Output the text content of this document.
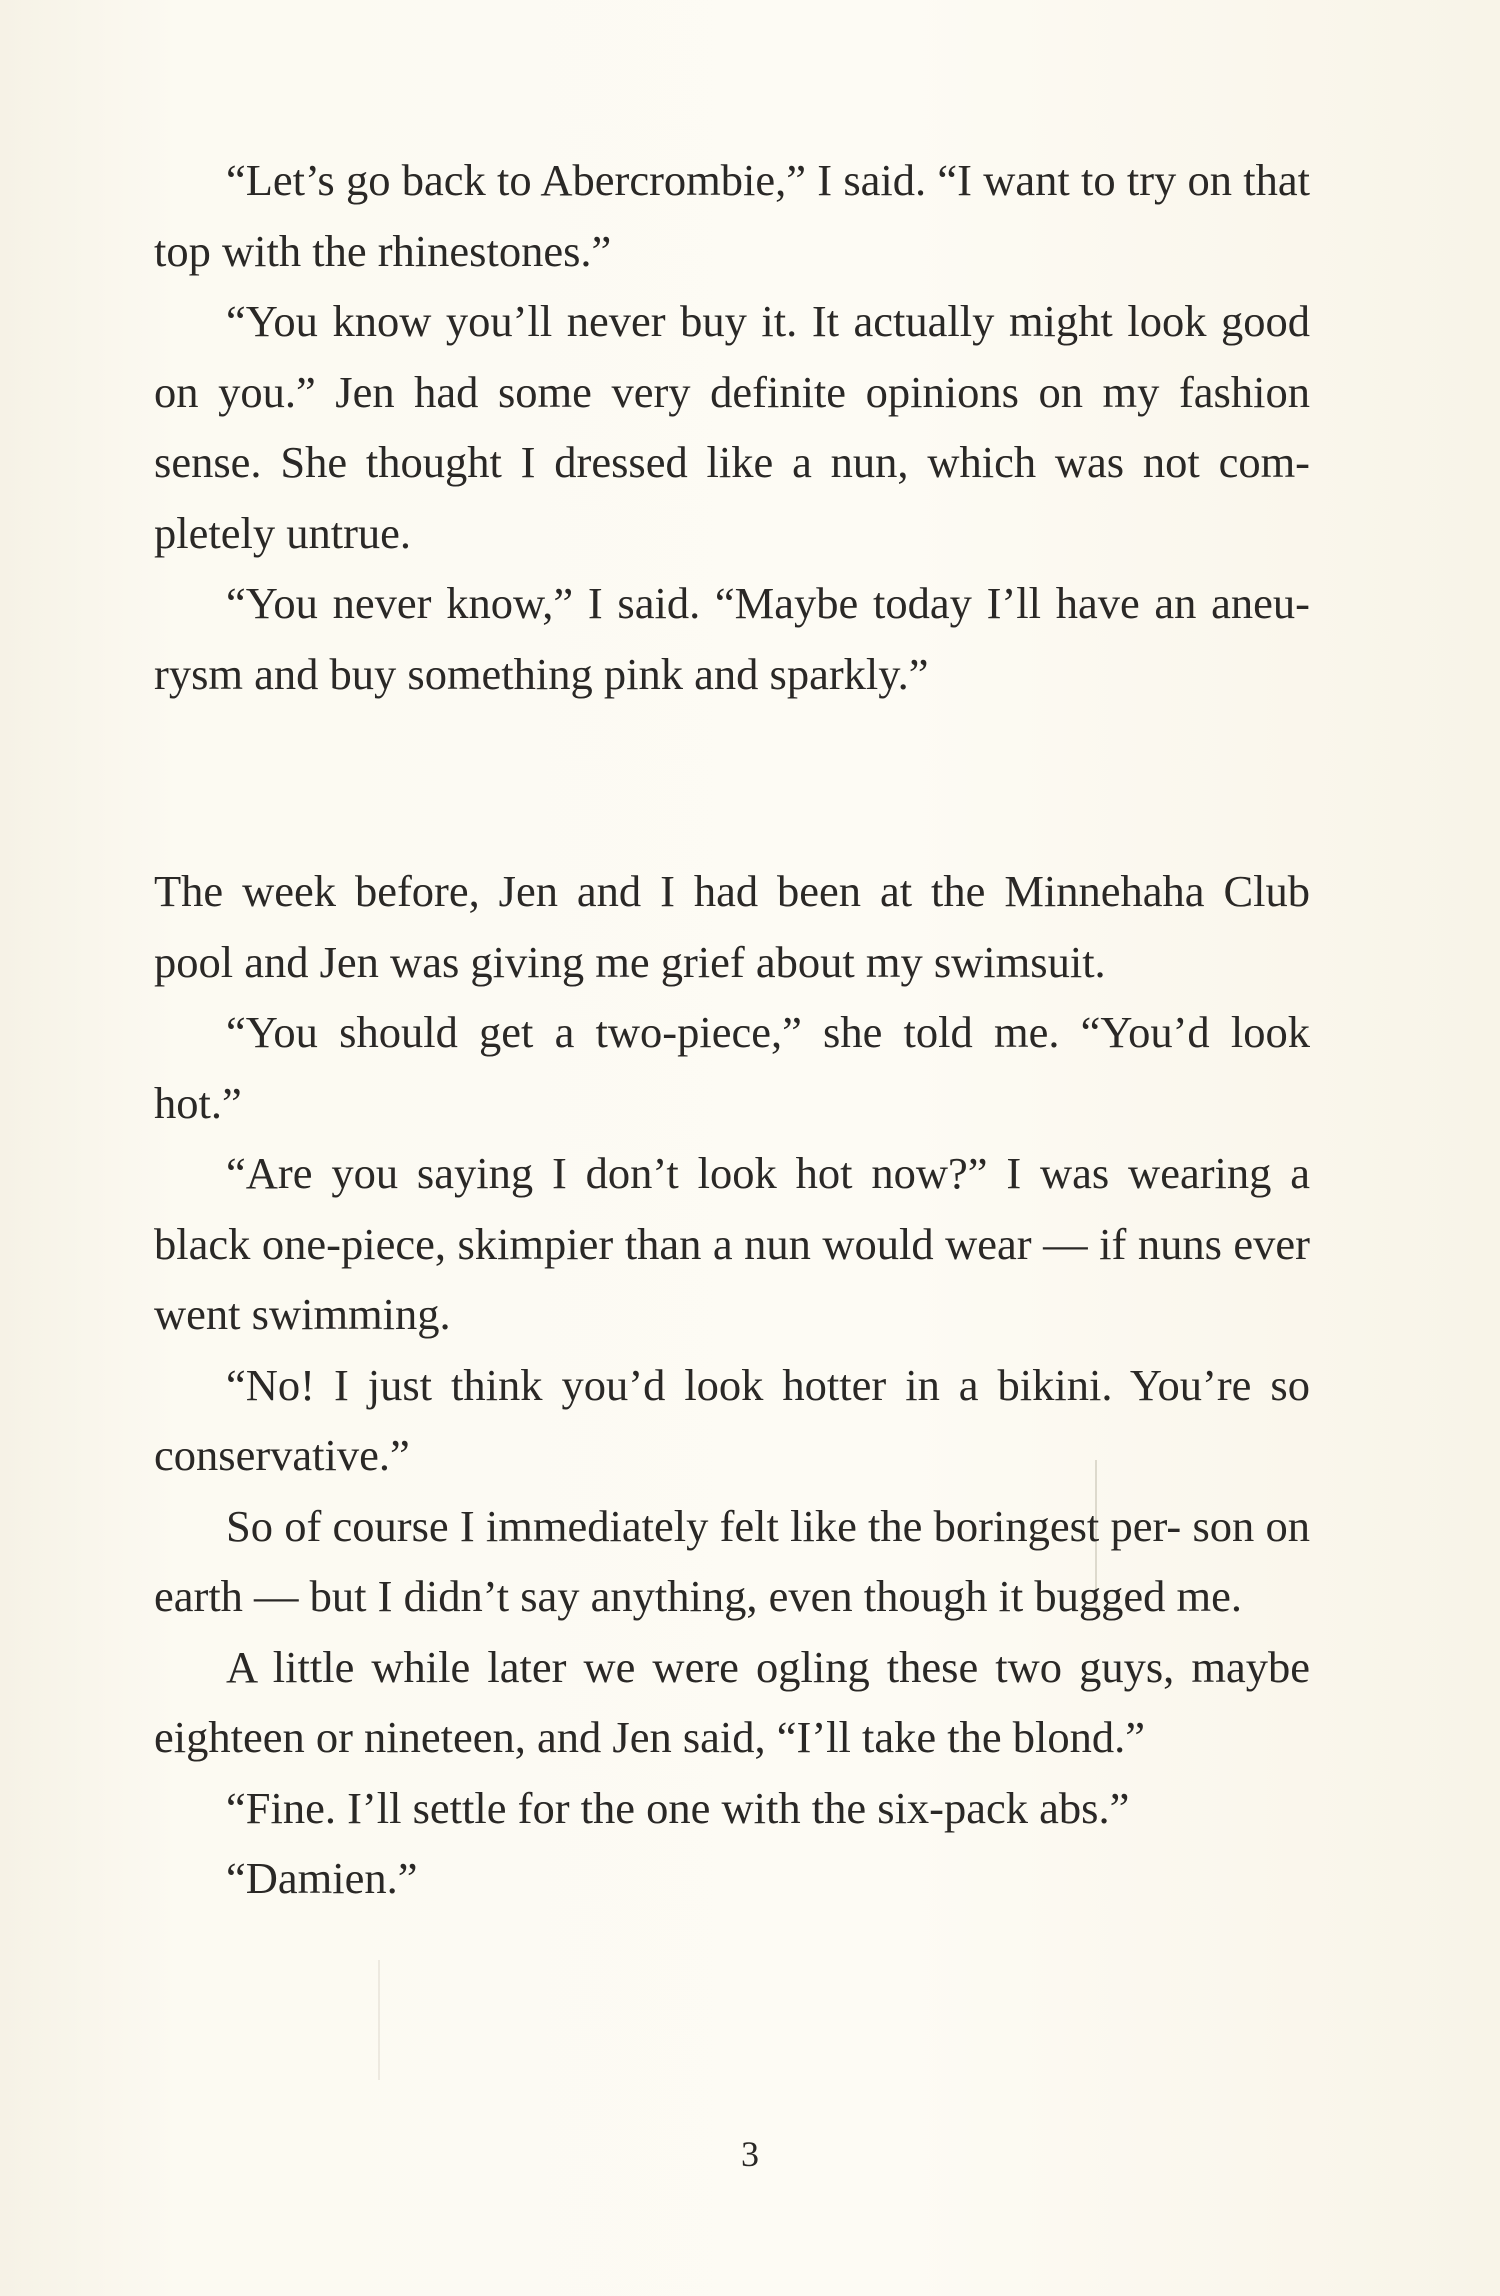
“Let’s go back to Abercrombie,” I said. “I want to try on that top with the rhinestones.”

“You know you’ll never buy it. It actually might look good on you.” Jen had some very definite opinions on my fashion sense. She thought I dressed like a nun, which was not com- pletely untrue.

“You never know,” I said. “Maybe today I’ll have an aneu- rysm and buy something pink and sparkly.”

The week before, Jen and I had been at the Minnehaha Club pool and Jen was giving me grief about my swimsuit.

“You should get a two-piece,” she told me. “You’d look hot.”

“Are you saying I don’t look hot now?” I was wearing a black one-piece, skimpier than a nun would wear — if nuns ever went swimming.

“No! I just think you’d look hotter in a bikini. You’re so conservative.”

So of course I immediately felt like the boringest per- son on earth — but I didn’t say anything, even though it bugged me.

A little while later we were ogling these two guys, maybe eighteen or nineteen, and Jen said, “I’ll take the blond.”

“Fine. I’ll settle for the one with the six-pack abs.”

“Damien.”

3
